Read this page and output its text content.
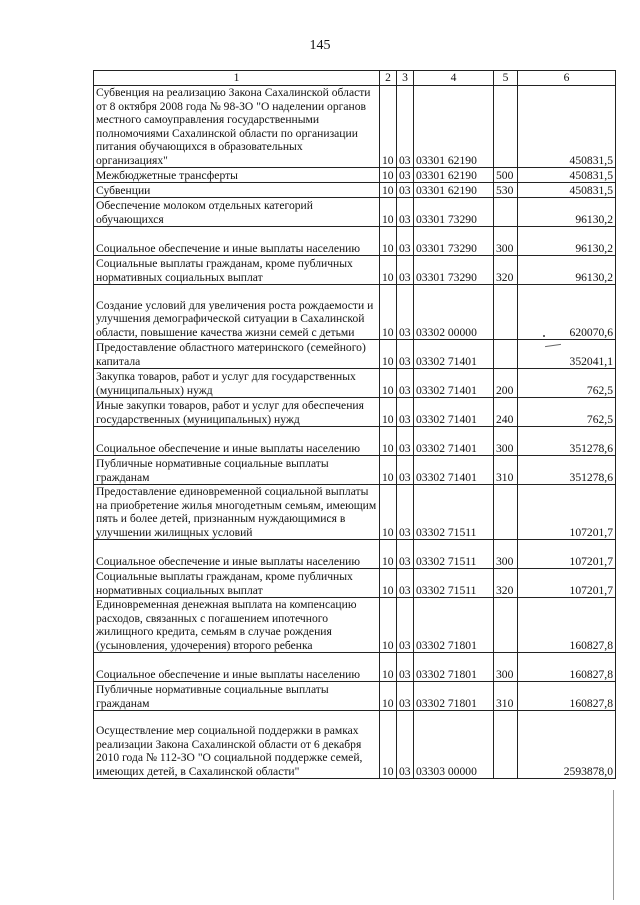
145
1	2	3	4	5	6
Субвенция на реализацию Закона Сахалинской области от 8 октября 2008 года № 98-ЗО "О наделении органов местного самоуправления государственными полномочиями Сахалинской области по организации питания обучающихся в образовательных организациях"	10	03	03301 62190		450831,5
Межбюджетные трансферты	10	03	03301 62190	500	450831,5
Субвенции	10	03	03301 62190	530	450831,5
Обеспечение молоком отдельных категорий обучающихся	10	03	03301 73290		96130,2
Социальное обеспечение и иные выплаты населению	10	03	03301 73290	300	96130,2
Социальные выплаты гражданам, кроме публичных нормативных социальных выплат	10	03	03301 73290	320	96130,2
Создание условий для увеличения роста рождаемости и улучшения демографической ситуации в Сахалинской области, повышение качества жизни семей с детьми	10	03	03302 00000		620070,6
Предоставление областного материнского (семейного) капитала	10	03	03302 71401		352041,1
Закупка товаров, работ и услуг для государственных (муниципальных) нужд	10	03	03302 71401	200	762,5
Иные закупки товаров, работ и услуг для обеспечения государственных (муниципальных) нужд	10	03	03302 71401	240	762,5
Социальное обеспечение и иные выплаты населению	10	03	03302 71401	300	351278,6
Публичные нормативные социальные выплаты гражданам	10	03	03302 71401	310	351278,6
Предоставление единовременной социальной выплаты на приобретение жилья многодетным семьям, имеющим пять и более детей, признанным нуждающимися в улучшении жилищных условий	10	03	03302 71511		107201,7
Социальное обеспечение и иные выплаты населению	10	03	03302 71511	300	107201,7
Социальные выплаты гражданам, кроме публичных нормативных социальных выплат	10	03	03302 71511	320	107201,7
Единовременная денежная выплата на компенсацию расходов, связанных с погашением ипотечного жилищного кредита, семьям в случае рождения (усыновления, удочерения) второго ребенка	10	03	03302 71801		160827,8
Социальное обеспечение и иные выплаты населению	10	03	03302 71801	300	160827,8
Публичные нормативные социальные выплаты гражданам	10	03	03302 71801	310	160827,8
Осуществление мер социальной поддержки в рамках реализации Закона Сахалинской области от 6 декабря 2010 года № 112-ЗО "О социальной поддержке семей, имеющих детей, в Сахалинской области"	10	03	03303 00000		2593878,0
